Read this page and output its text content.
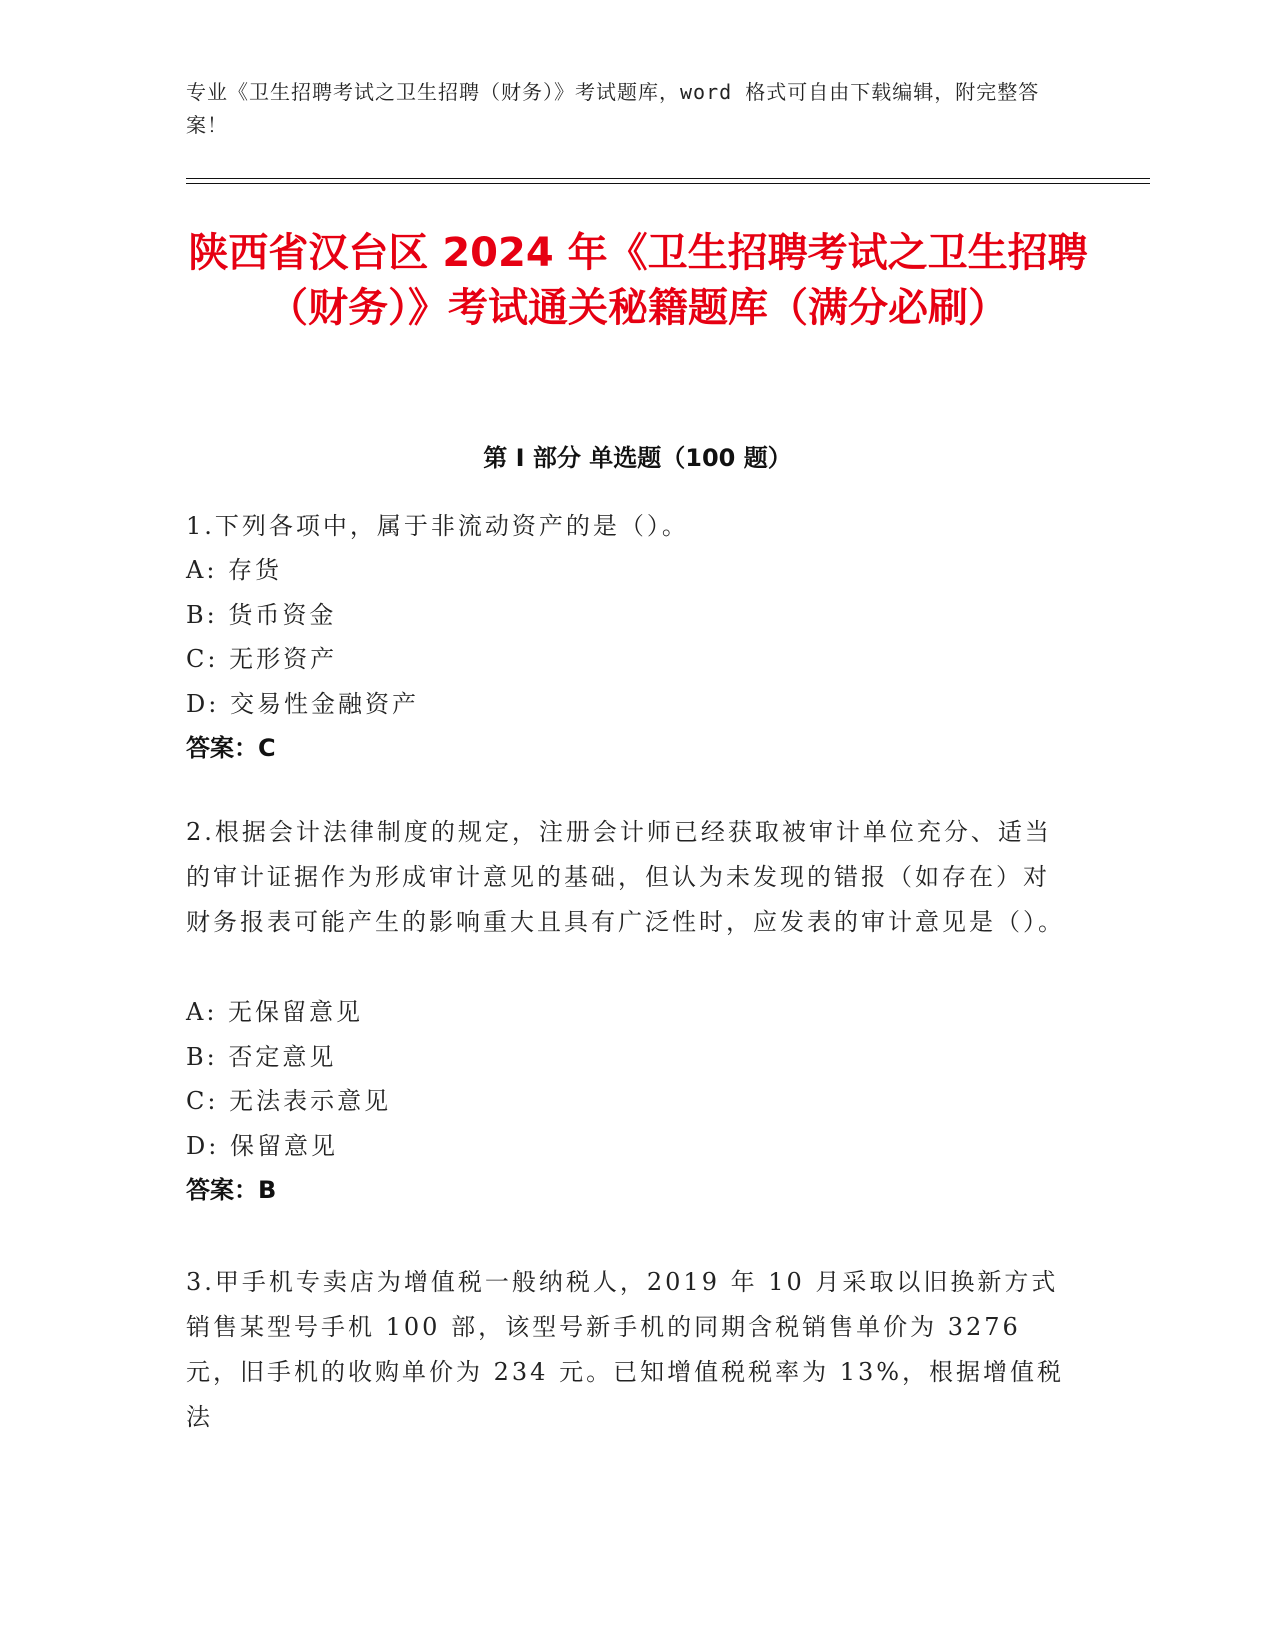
专业《卫生招聘考试之卫生招聘（财务）》考试题库，word 格式可自由下载编辑，附完整答案！
陕西省汉台区 2024 年《卫生招聘考试之卫生招聘（财务）》考试通关秘籍题库（满分必刷）
第 I 部分 单选题（100 题）

1.下列各项中，属于非流动资产的是（）。

A: 存货

B: 货币资金

C: 无形资产

D: 交易性金融资产

答案：C

2.根据会计法律制度的规定，注册会计师已经获取被审计单位充分、适当的审计证据作为形成审计意见的基础，但认为未发现的错报（如存在）对财务报表可能产生的影响重大且具有广泛性时，应发表的审计意见是（）。

A: 无保留意见

B: 否定意见

C: 无法表示意见

D: 保留意见

答案：B

3.甲手机专卖店为增值税一般纳税人，2019 年 10 月采取以旧换新方式销售某型号手机 100 部，该型号新手机的同期含税销售单价为 3276 元，旧手机的收购单价为 234 元。已知增值税税率为 13%，根据增值税法
